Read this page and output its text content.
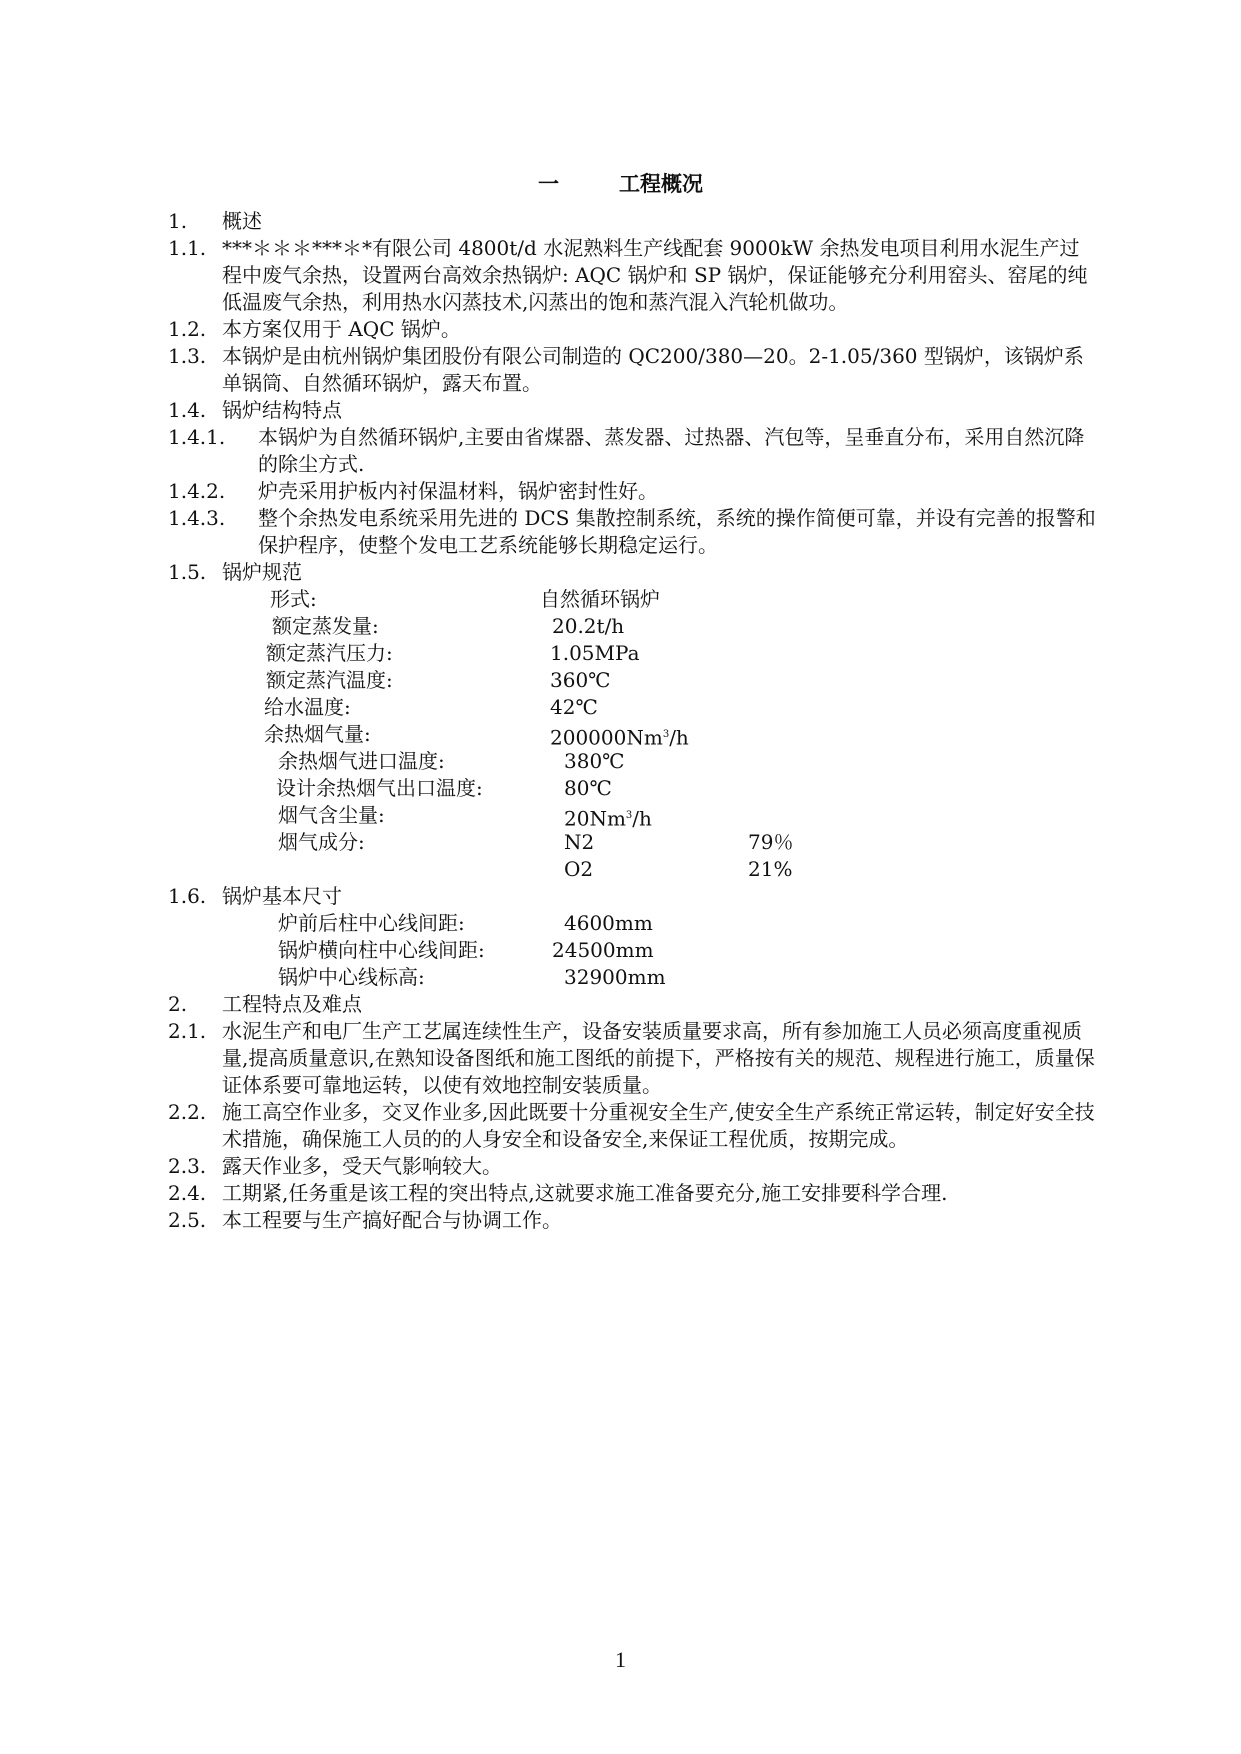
一	工程概况
1.	概述
1.1. ***＊＊＊***＊*有限公司 4800t/d 水泥熟料生产线配套 9000kW 余热发电项目利用水泥生产过程中废气余热，设置两台高效余热锅炉: AQC 锅炉和 SP 锅炉，保证能够充分利用窑头、窑尾的纯低温废气余热，利用热水闪蒸技术,闪蒸出的饱和蒸汽混入汽轮机做功。
1.2. 本方案仅用于 AQC 锅炉。
1.3. 本锅炉是由杭州锅炉集团股份有限公司制造的 QC200/380—20。2-1.05/360 型锅炉，该锅炉系单锅筒、自然循环锅炉，露天布置。
1.4. 锅炉结构特点
1.4.1.	本锅炉为自然循环锅炉,主要由省煤器、蒸发器、过热器、汽包等，呈垂直分布，采用自然沉降的除尘方式.
1.4.2.	炉壳采用护板内衬保温材料，锅炉密封性好。
1.4.3.	整个余热发电系统采用先进的 DCS 集散控制系统，系统的操作简便可靠，并设有完善的报警和保护程序，使整个发电工艺系统能够长期稳定运行。
1.5. 锅炉规范
形式:	自然循环锅炉
额定蒸发量:	20.2t/h
额定蒸汽压力:	1.05MPa
额定蒸汽温度:	360℃
给水温度:	42℃
余热烟气量:	200000Nm$^3$/h
余热烟气进口温度:	380℃
设计余热烟气出口温度:	80℃
烟气含尘量:	20Nm$^3$/h
烟气成分:	N2	79％
O2	21%
1.6. 锅炉基本尺寸
炉前后柱中心线间距:	4600mm
锅炉横向柱中心线间距:	24500mm
锅炉中心线标高:	32900mm
2.	工程特点及难点
2.1. 水泥生产和电厂生产工艺属连续性生产，设备安装质量要求高，所有参加施工人员必须高度重视质量,提高质量意识,在熟知设备图纸和施工图纸的前提下，严格按有关的规范、规程进行施工，质量保证体系要可靠地运转，以使有效地控制安装质量。
2.2. 施工高空作业多，交叉作业多,因此既要十分重视安全生产,使安全生产系统正常运转，制定好安全技术措施，确保施工人员的的人身安全和设备安全,来保证工程优质，按期完成。
2.3. 露天作业多，受天气影响较大。
2.4. 工期紧,任务重是该工程的突出特点,这就要求施工准备要充分,施工安排要科学合理.
2.5. 本工程要与生产搞好配合与协调工作。
1
